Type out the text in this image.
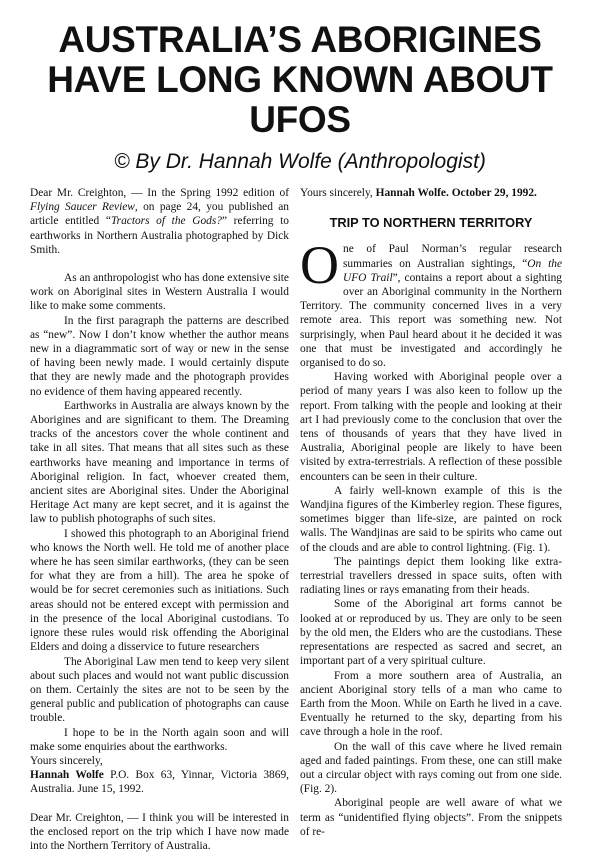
AUSTRALIA’S ABORIGINES
HAVE LONG KNOWN ABOUT
UFOS

© By Dr. Hannah Wolfe (Anthropologist)

Dear Mr. Creighton, — In the Spring 1992 edition of Flying Saucer Review, on page 24, you published an article entitled “Tractors of the Gods?” referring to earthworks in Northern Australia photographed by Dick Smith.

As an anthropologist who has done extensive site work on Aboriginal sites in Western Australia I would like to make some comments.

In the first paragraph the patterns are described as “new”. Now I don’t know whether the author means new in a diagrammatic sort of way or new in the sense of having been newly made. I would certainly dispute that they are newly made and the photograph provides no evidence of them having appeared recently.

Earthworks in Australia are always known by the Aborigines and are significant to them. The Dreaming tracks of the ancestors cover the whole continent and take in all sites. That means that all sites such as these earthworks have meaning and importance in terms of Aboriginal religion. In fact, whoever created them, ancient sites are Aboriginal sites. Under the Aboriginal Heritage Act many are kept secret, and it is against the law to publish photographs of such sites.

I showed this photograph to an Aboriginal friend who knows the North well. He told me of another place where he has seen similar earthworks, (they can be seen for what they are from a hill). The area he spoke of would be for secret ceremonies such as initiations. Such areas should not be entered except with permission and in the presence of the local Aboriginal custodians. To ignore these rules would risk offending the Aboriginal Elders and doing a disservice to future researchers

The Aboriginal Law men tend to keep very silent about such places and would not want public discussion on them. Certainly the sites are not to be seen by the general public and publication of photographs can cause trouble.

I hope to be in the North again soon and will make some enquiries about the earthworks.

Yours sincerely,

Hannah Wolfe P.O. Box 63, Yinnar, Victoria 3869, Australia. June 15, 1992.

Dear Mr. Creighton, — I think you will be interested in the enclosed report on the trip which I have now made into the Northern Territory of Australia.

Yours sincerely, Hannah Wolfe. October 29, 1992.

TRIP TO NORTHERN TERRITORY

One of Paul Norman’s regular research summaries on Australian sightings, “On the UFO Trail”, contains a report about a sighting over an Aboriginal community in the Northern Territory. The community concerned lives in a very remote area. This report was something new. Not surprisingly, when Paul heard about it he decided it was one that must be investigated and accordingly he organised to do so.

Having worked with Aboriginal people over a period of many years I was also keen to follow up the report. From talking with the people and looking at their art I had previously come to the conclusion that over the tens of thousands of years that they have lived in Australia, Aboriginal people are likely to have been visited by extra-terrestrials. A reflection of these possible encounters can be seen in their culture.

A fairly well-known example of this is the Wandjina figures of the Kimberley region. These figures, sometimes bigger than life-size, are painted on rock walls. The Wandjinas are said to be spirits who came out of the clouds and are able to control lightning. (Fig. 1).

The paintings depict them looking like extra-terrestrial travellers dressed in space suits, often with radiating lines or rays emanating from their heads.

Some of the Aboriginal art forms cannot be looked at or reproduced by us. They are only to be seen by the old men, the Elders who are the custodians. These representations are respected as sacred and secret, an important part of a very spiritual culture.

From a more southern area of Australia, an ancient Aboriginal story tells of a man who came to Earth from the Moon. While on Earth he lived in a cave. Eventually he returned to the sky, departing from his cave through a hole in the roof.

On the wall of this cave where he lived remain aged and faded paintings. From these, one can still make out a circular object with rays coming out from one side. (Fig. 2).

Aboriginal people are well aware of what we term as “unidentified flying objects”. From the snippets of re-
